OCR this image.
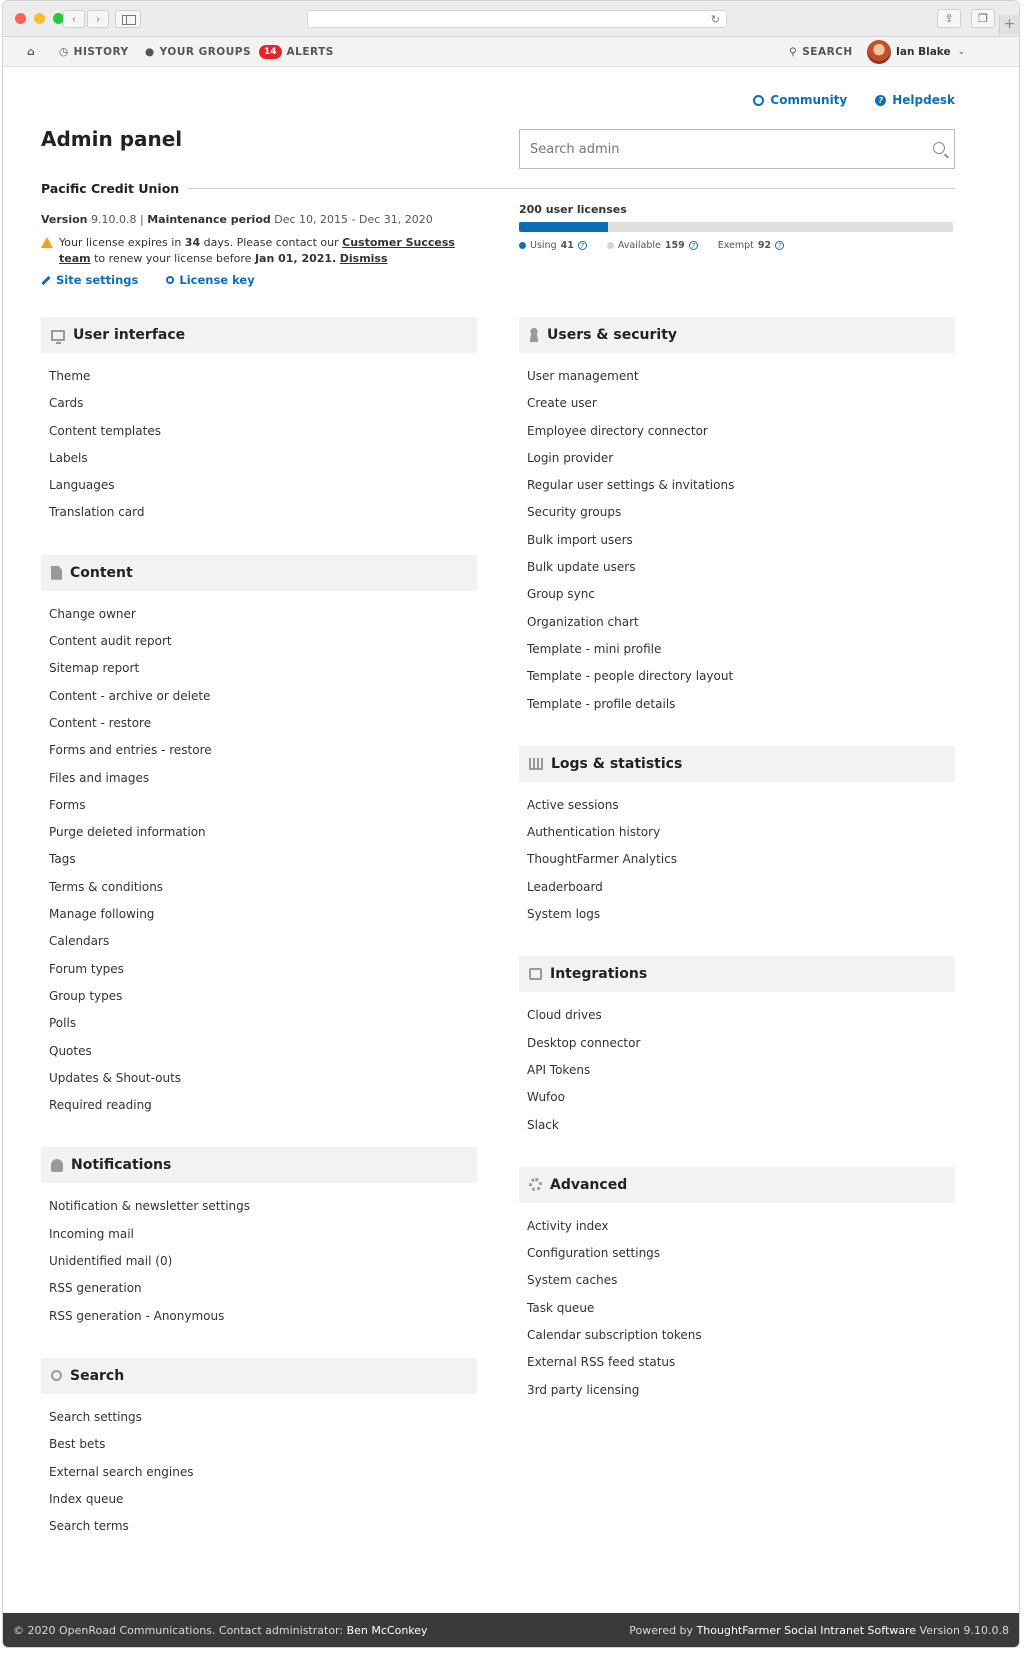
‹	›	↻	⇪	❐	+
⌂ ◷ HISTORY ● YOUR GROUPS	14 ALERTS	⚲ SEARCH	Ian Blake ⌄
Community	? Helpdesk
Admin panel
Search admin
Pacific Credit Union
Version 9.10.0.8 | Maintenance period Dec 10, 2015 - Dec 31, 2020
Your license expires in 34 days. Please contact our Customer Success team to renew your license before Jan 01, 2021. Dismiss
Site settings	License key
200 user licenses
Using 41 ?	Available 159 ? Exempt 92 ?
User interface
Theme
Cards
Content templates
Labels
Languages
Translation card
Content
Change owner
Content audit report
Sitemap report
Content - archive or delete
Content - restore
Forms and entries - restore
Files and images
Forms
Purge deleted information
Tags
Terms & conditions
Manage following
Calendars
Forum types
Group types
Polls
Quotes
Updates & Shout-outs
Required reading
Notifications
Notification & newsletter settings
Incoming mail
Unidentified mail (0)
RSS generation
RSS generation - Anonymous
Search
Search settings
Best bets
External search engines
Index queue
Search terms
Users & security
User management
Create user
Employee directory connector
Login provider
Regular user settings & invitations
Security groups
Bulk import users
Bulk update users
Group sync
Organization chart
Template - mini profile
Template - people directory layout
Template - profile details
Logs & statistics
Active sessions
Authentication history
ThoughtFarmer Analytics
Leaderboard
System logs
Integrations
Cloud drives
Desktop connector
API Tokens
Wufoo
Slack
Advanced
Activity index
Configuration settings
System caches
Task queue
Calendar subscription tokens
External RSS feed status
3rd party licensing
© 2020 OpenRoad Communications. Contact administrator: Ben McConkey	Powered by ThoughtFarmer Social Intranet Software Version 9.10.0.8
